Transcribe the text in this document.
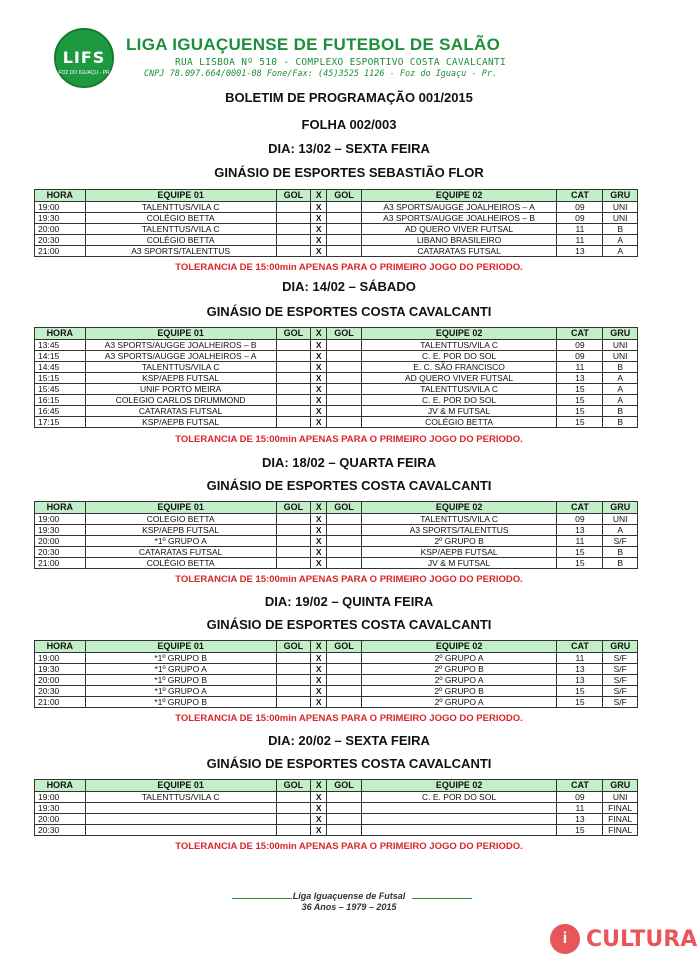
LIFS
FOZ DO IGUAÇU - PR
LIGA IGUAÇUENSE DE FUTEBOL DE SALÃO
RUA LISBOA Nº 510 - COMPLEXO ESPORTIVO COSTA CAVALCANTI
CNPJ 78.097.664/0001-08 Fone/Fax: (45)3525 1126 - Foz do Iguaçu - Pr.
BOLETIM DE PROGRAMAÇÃO 001/2015
FOLHA 002/003
DIA: 13/02 – SEXTA FEIRA
GINÁSIO DE ESPORTES SEBASTIÃO FLOR
HORA	EQUIPE 01	GOL	X	GOL	EQUIPE 02	CAT	GRU
19:00	TALENTTUS/VILA C		X		A3 SPORTS/AUGGE JOALHEIROS – A	09	UNI
19:30	COLÉGIO BETTA		X		A3 SPORTS/AUGGE JOALHEIROS – B	09	UNI
20:00	TALENTTUS/VILA C		X		AD QUERO VIVER FUTSAL	11	B
20:30	COLÉGIO BETTA		X		LIBANO BRASILEIRO	11	A
21:00	A3 SPORTS/TALENTTUS		X		CATARATAS FUTSAL	13	A
TOLERANCIA DE 15:00min APENAS PARA O PRIMEIRO JOGO DO PERIODO.
DIA: 14/02 – SÁBADO
GINÁSIO DE ESPORTES COSTA CAVALCANTI
HORA	EQUIPE 01	GOL	X	GOL	EQUIPE 02	CAT	GRU
13:45	A3 SPORTS/AUGGE JOALHEIROS – B		X		TALENTTUS/VILA C	09	UNI
14:15	A3 SPORTS/AUGGE JOALHEIROS – A		X		C. E. POR DO SOL	09	UNI
14:45	TALENTTUS/VILA C		X		E. C. SÃO FRANCISCO	11	B
15:15	KSP/AEPB FUTSAL		X		AD QUERO VIVER FUTSAL	13	A
15:45	UNIF PORTO MEIRA		X		TALENTTUS/VILA C	15	A
16:15	COLEGIO CARLOS DRUMMOND		X		C. E. POR DO SOL	15	A
16:45	CATARATAS FUTSAL		X		JV & M FUTSAL	15	B
17:15	KSP/AEPB FUTSAL		X		COLÉGIO BETTA	15	B
TOLERANCIA DE 15:00min APENAS PARA O PRIMEIRO JOGO DO PERIODO.
DIA: 18/02 – QUARTA FEIRA
GINÁSIO DE ESPORTES COSTA CAVALCANTI
HORA	EQUIPE 01	GOL	X	GOL	EQUIPE 02	CAT	GRU
19:00	COLEGIO BETTA		X		TALENTTUS/VILA C	09	UNI
19:30	KSP/AEPB FUTSAL		X		A3 SPORTS/TALENTTUS	13	A
20:00	*1º GRUPO A		X		2º GRUPO B	11	S/F
20:30	CATARATAS FUTSAL		X		KSP/AEPB FUTSAL	15	B
21:00	COLÉGIO BETTA		X		JV & M FUTSAL	15	B
TOLERANCIA DE 15:00min APENAS PARA O PRIMEIRO JOGO DO PERIODO.
DIA: 19/02 – QUINTA FEIRA
GINÁSIO DE ESPORTES COSTA CAVALCANTI
HORA	EQUIPE 01	GOL	X	GOL	EQUIPE 02	CAT	GRU
19:00	*1º GRUPO B		X		2º GRUPO A	11	S/F
19:30	*1º GRUPO A		X		2º GRUPO B	13	S/F
20:00	*1º GRUPO B		X		2º GRUPO A	13	S/F
20:30	*1º GRUPO A		X		2º GRUPO B	15	S/F
21:00	*1º GRUPO B		X		2º GRUPO A	15	S/F
TOLERANCIA DE 15:00min APENAS PARA O PRIMEIRO JOGO DO PERIODO.
DIA: 20/02 – SEXTA FEIRA
GINÁSIO DE ESPORTES COSTA CAVALCANTI
HORA	EQUIPE 01	GOL	X	GOL	EQUIPE 02	CAT	GRU
19:00	TALENTTUS/VILA C		X		C. E. POR DO SOL	09	UNI
19:30			X			11	FINAL
20:00			X			13	FINAL
20:30			X			15	FINAL
TOLERANCIA DE 15:00min APENAS PARA O PRIMEIRO JOGO DO PERIODO.
Liga Iguaçuense de Futsal
36 Anos – 1979 – 2015
i CULTURA
